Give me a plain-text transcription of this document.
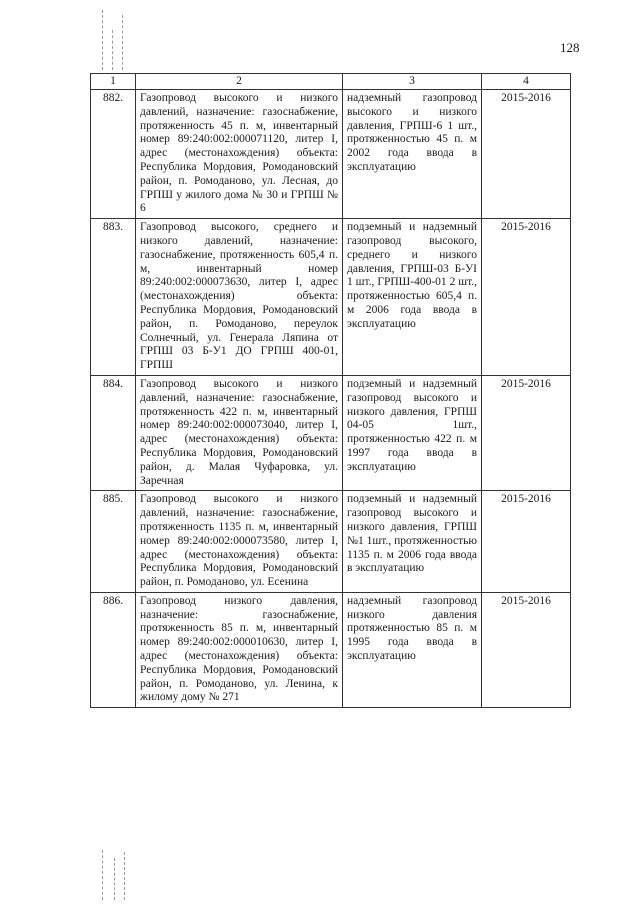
128
1	2	3	4
882.	Газопровод высокого и низкого давлений, назначение: газоснабжение, протяженность 45 п. м, инвентарный номер 89:240:002:000071120, литер I, адрес (местонахождения) объекта: Республика Мордовия, Ромодановский район, п. Ромоданово, ул. Лесная, до ГРПШ у жилого дома № 30 и ГРПШ № 6	надземный газопровод высокого и низкого давления, ГРПШ-6 1 шт., протяженностью 45 п. м 2002 года ввода в эксплуатацию	2015-2016
883.	Газопровод высокого, среднего и низкого давлений, назначение: газоснабжение, протяженность 605,4 п. м, инвентарный номер 89:240:002:000073630, литер I, адрес (местонахождения) объекта: Республика Мордовия, Ромодановский район, п. Ромоданово, переулок Солнечный, ул. Генерала Ляпина от ГРПШ 03 Б-У1 ДО ГРПШ 400-01, ГРПШ	подземный и надземный газопровод высокого, среднего и низкого давления, ГРПШ-03 Б-УI 1 шт., ГРПШ-400-01 2 шт., протяженностью 605,4 п. м 2006 года ввода в эксплуатацию	2015-2016
884.	Газопровод высокого и низкого давлений, назначение: газоснабжение, протяженность 422 п. м, инвентарный номер 89:240:002:000073040, литер I, адрес (местонахождения) объекта: Республика Мордовия, Ромодановский район, д. Малая Чуфаровка, ул. Заречная	подземный и надземный газопровод высокого и низкого давления, ГРПШ 04-05 1шт., протяженностью 422 п. м 1997 года ввода в эксплуатацию	2015-2016
885.	Газопровод высокого и низкого давлений, назначение: газоснабжение, протяженность 1135 п. м, инвентарный номер 89:240:002:000073580, литер I, адрес (местонахождения) объекта: Республика Мордовия, Ромодановский район, п. Ромоданово, ул. Есенина	подземный и надземный газопровод высокого и низкого давления, ГРПШ №1 1шт., протяженностью 1135 п. м 2006 года ввода в эксплуатацию	2015-2016
886.	Газопровод низкого давления, назначение: газоснабжение, протяженность 85 п. м, инвентарный номер 89:240:002:000010630, литер I, адрес (местонахождения) объекта: Республика Мордовия, Ромодановский район, п. Ромоданово, ул. Ленина, к жилому дому № 271	надземный газопровод низкого давления протяженностью 85 п. м 1995 года ввода в эксплуатацию	2015-2016
